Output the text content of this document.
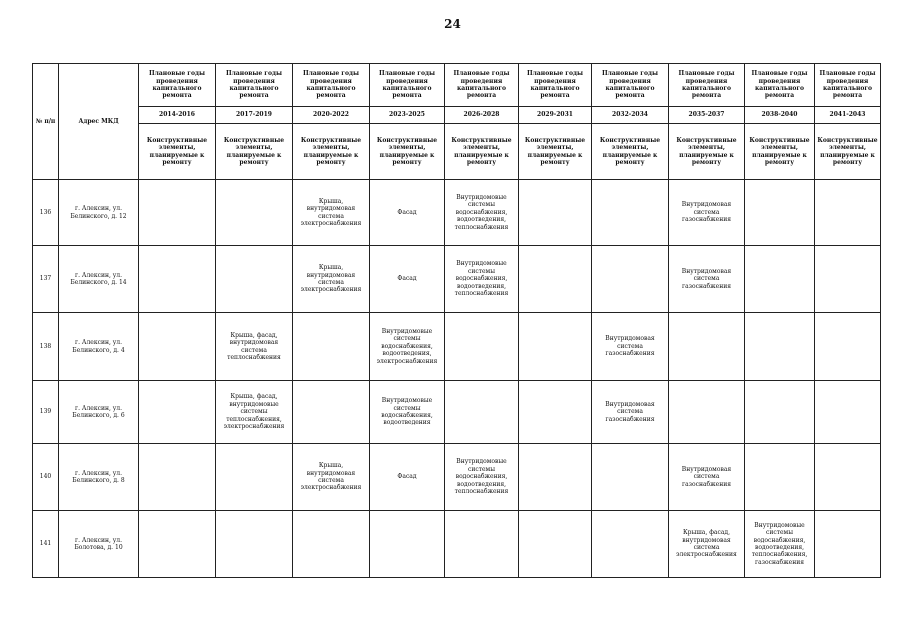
24
№ п/п	Адрес МКД	Плановые годы проведения капитального ремонта	Плановые годы проведения капитального ремонта	Плановые годы проведения капитального ремонта	Плановые годы проведения капитального ремонта	Плановые годы проведения капитального ремонта	Плановые годы проведения капитального ремонта	Плановые годы проведения капитального ремонта	Плановые годы проведения капитального ремонта	Плановые годы проведения капитального ремонта	Плановые годы проведения капитального ремонта
		2014-2016	2017-2019	2020-2022	2023-2025	2026-2028	2029-2031	2032-2034	2035-2037	2038-2040	2041-2043
		Конструктивные элементы, планируемые к ремонту	Конструктивные элементы, планируемые к ремонту	Конструктивные элементы, планируемые к ремонту	Конструктивные элементы, планируемые к ремонту	Конструктивные элементы, планируемые к ремонту	Конструктивные элементы, планируемые к ремонту	Конструктивные элементы, планируемые к ремонту	Конструктивные элементы, планируемые к ремонту	Конструктивные элементы, планируемые к ремонту	Конструктивные элементы, планируемые к ремонту
136	г. Алексин, ул. Белинского, д. 12			Крыша, внутридомовая система электроснабжения	Фасад	Внутридомовые системы водоснабжения, водоотведения, теплоснабжения			Внутридомовая система газоснабжения		
137	г. Алексин, ул. Белинского, д. 14			Крыша, внутридомовая система электроснабжения	Фасад	Внутридомовые системы водоснабжения, водоотведения, теплоснабжения			Внутридомовая система газоснабжения		
138	г. Алексин, ул. Белинского, д. 4		Крыша, фасад, внутридомовая система теплоснабжения		Внутридомовые системы водоснабжения, водоотведения, электроснабжения			Внутридомовая система газоснабжения			
139	г. Алексин, ул. Белинского, д. 6		Крыша, фасад, внутридомовые системы теплоснабжения, электроснабжения		Внутридомовые системы водоснабжения, водоотведения			Внутридомовая система газоснабжения			
140	г. Алексин, ул. Белинского, д. 8			Крыша, внутридомовая система электроснабжения	Фасад	Внутридомовые системы водоснабжения, водоотведения, теплоснабжения			Внутридомовая система газоснабжения		
141	г. Алексин, ул. Болотова, д. 10								Крыша, фасад, внутридомовая система электроснабжения	Внутридомовые системы водоснабжения, водоотведения, теплоснабжения, газоснабжения	
